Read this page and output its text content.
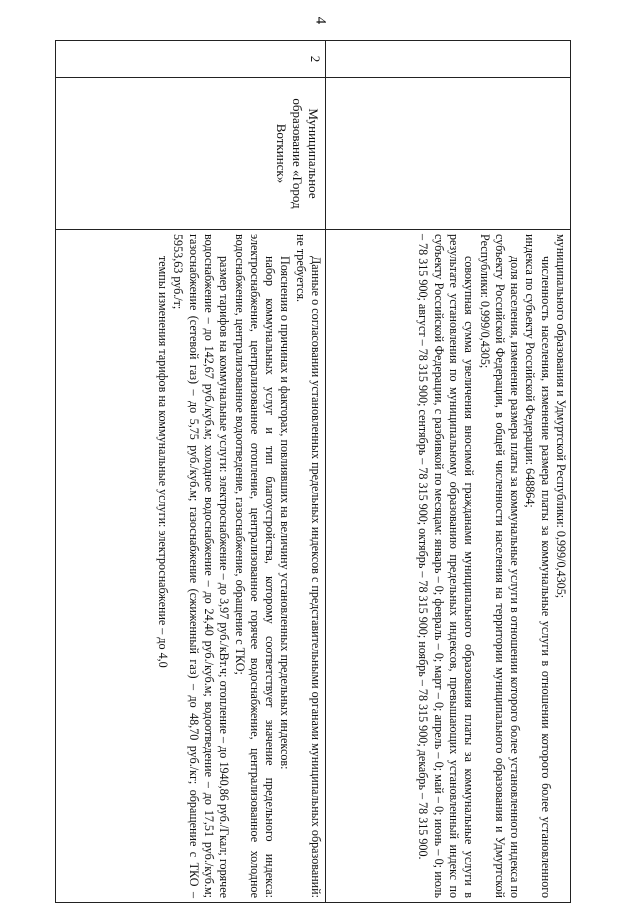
4

		муниципального образования и Удмуртской Республики: 0,999/0,4305;

численность населения, изменение размера платы за коммунальные услуги в отношении которого более установленного индекса по субъекту Российской Федерации: 648864;

доля населения, изменение размера платы за коммунальные услуги в отношении которого более установленного индекса по субъекту Российской Федерации, в общей численности населения на территории муниципального образования и Удмуртской Республики: 0,999/0,4305;

совокупная сумма увеличения вносимой гражданами муниципального образования платы за коммунальные услуги в результате установления по муниципальному образованию предельных индексов, превышающих установленный индекс по субъекту Российской Федерации, с разбивкой по месяцам: январь – 0; февраль – 0; март – 0; апрель – 0; май – 0; июнь – 0; июль – 78 315 900; август – 78 315 900; сентябрь – 78 315 900; октябрь – 78 315 900; ноябрь – 78 315 900; декабрь – 78 315 900.

2	Муниципальное образование «Город Воткинск»	Данные о согласовании установленных предельных индексов с представительными органами муниципальных образований: не требуется.

Пояснения о причинах и факторах, повлиявших на величину установленных предельных индексов:

набор коммунальных услуг и тип благоустройства, которому соответствует значение предельного индекса: электроснабжение, централизованное отопление, централизованное горячее водоснабжение, централизованное холодное водоснабжение, централизованное водоотведение, газоснабжение, обращение с ТКО;

размер тарифов на коммунальные услуги: электроснабжение – до 3,97 руб./кВт.ч; отопление – до 1940,86 руб./Гкал; горячее водоснабжение – до 142,67 руб./куб.м; холодное водоснабжение – до 24,40 руб./куб.м; водоотведение – до 17,51 руб./куб.м; газоснабжение (сетевой газ) – до 5,75 руб./куб.м; газоснабжение (сжиженный газ) – до 48,70 руб./кг; обращение с ТКО – 5953,63 руб./т;

темпы изменения тарифов на коммунальные услуги: электроснабжение – до 4,0
